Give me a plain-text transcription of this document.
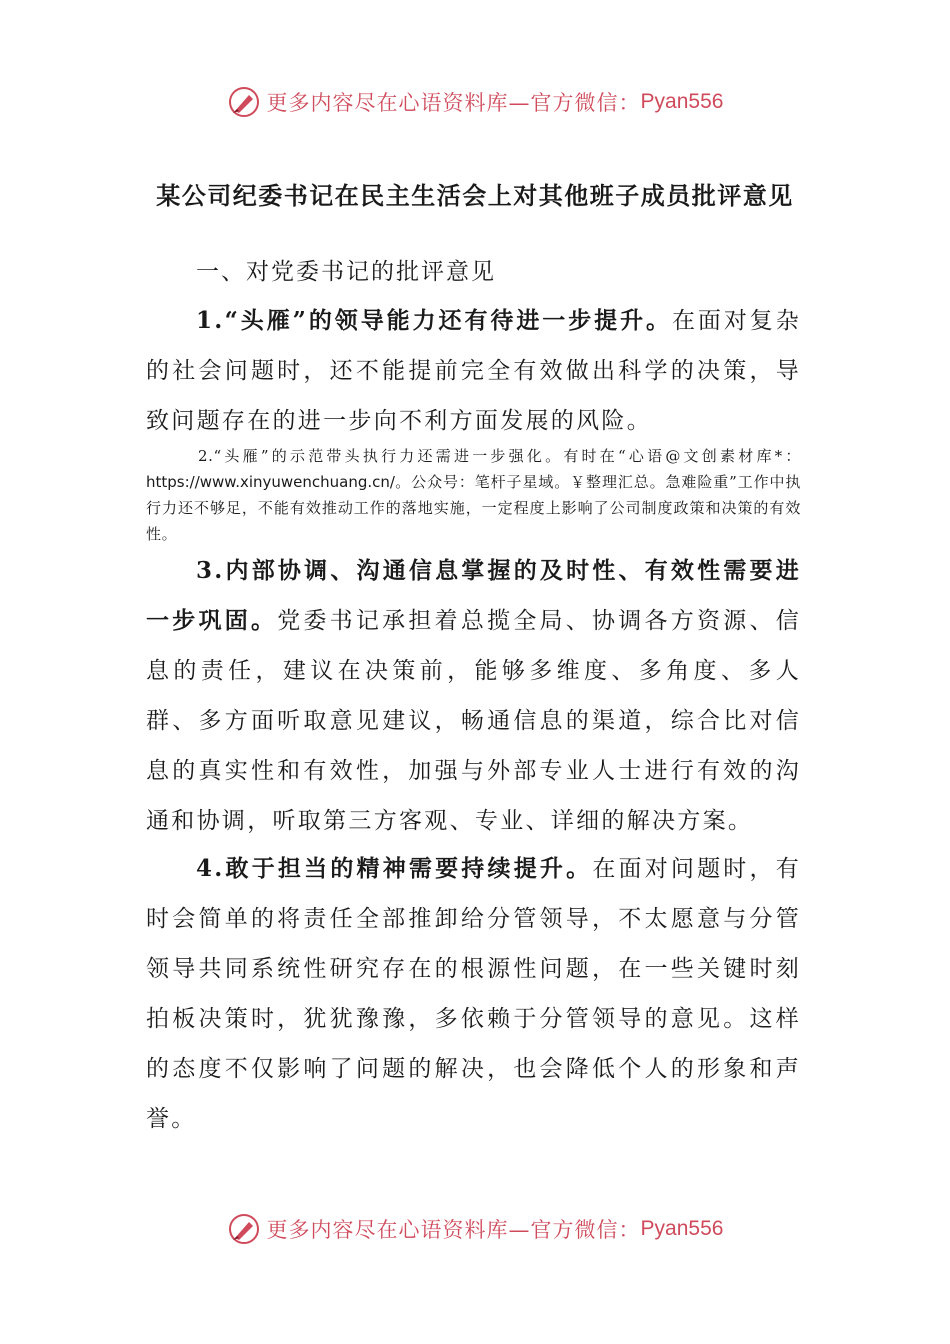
更多内容尽在心语资料库—官方微信： Pyan556
某公司纪委书记在民主生活会上对其他班子成员批评意见
一、对党委书记的批评意见

1.“头雁”的领导能力还有待进一步提升。在面对复杂的社会问题时，还不能提前完全有效做出科学的决策，导致问题存在的进一步向不利方面发展的风险。

2.“头雁”的示范带头执行力还需进一步强化。有时在“心语@文创素材库*：https://www.xinyuwenchuang.cn/。公众号：笔杆子星域。￥整理汇总。急难险重”工作中执行力还不够足，不能有效推动工作的落地实施，一定程度上影响了公司制度政策和决策的有效性。

3.内部协调、沟通信息掌握的及时性、有效性需要进一步巩固。党委书记承担着总揽全局、协调各方资源、信息的责任，建议在决策前，能够多维度、多角度、多人群、多方面听取意见建议，畅通信息的渠道，综合比对信息的真实性和有效性，加强与外部专业人士进行有效的沟通和协调，听取第三方客观、专业、详细的解决方案。

4.敢于担当的精神需要持续提升。在面对问题时，有时会简单的将责任全部推卸给分管领导，不太愿意与分管领导共同系统性研究存在的根源性问题，在一些关键时刻拍板决策时，犹犹豫豫，多依赖于分管领导的意见。这样的态度不仅影响了问题的解决，也会降低个人的形象和声誉。

更多内容尽在心语资料库—官方微信： Pyan556
